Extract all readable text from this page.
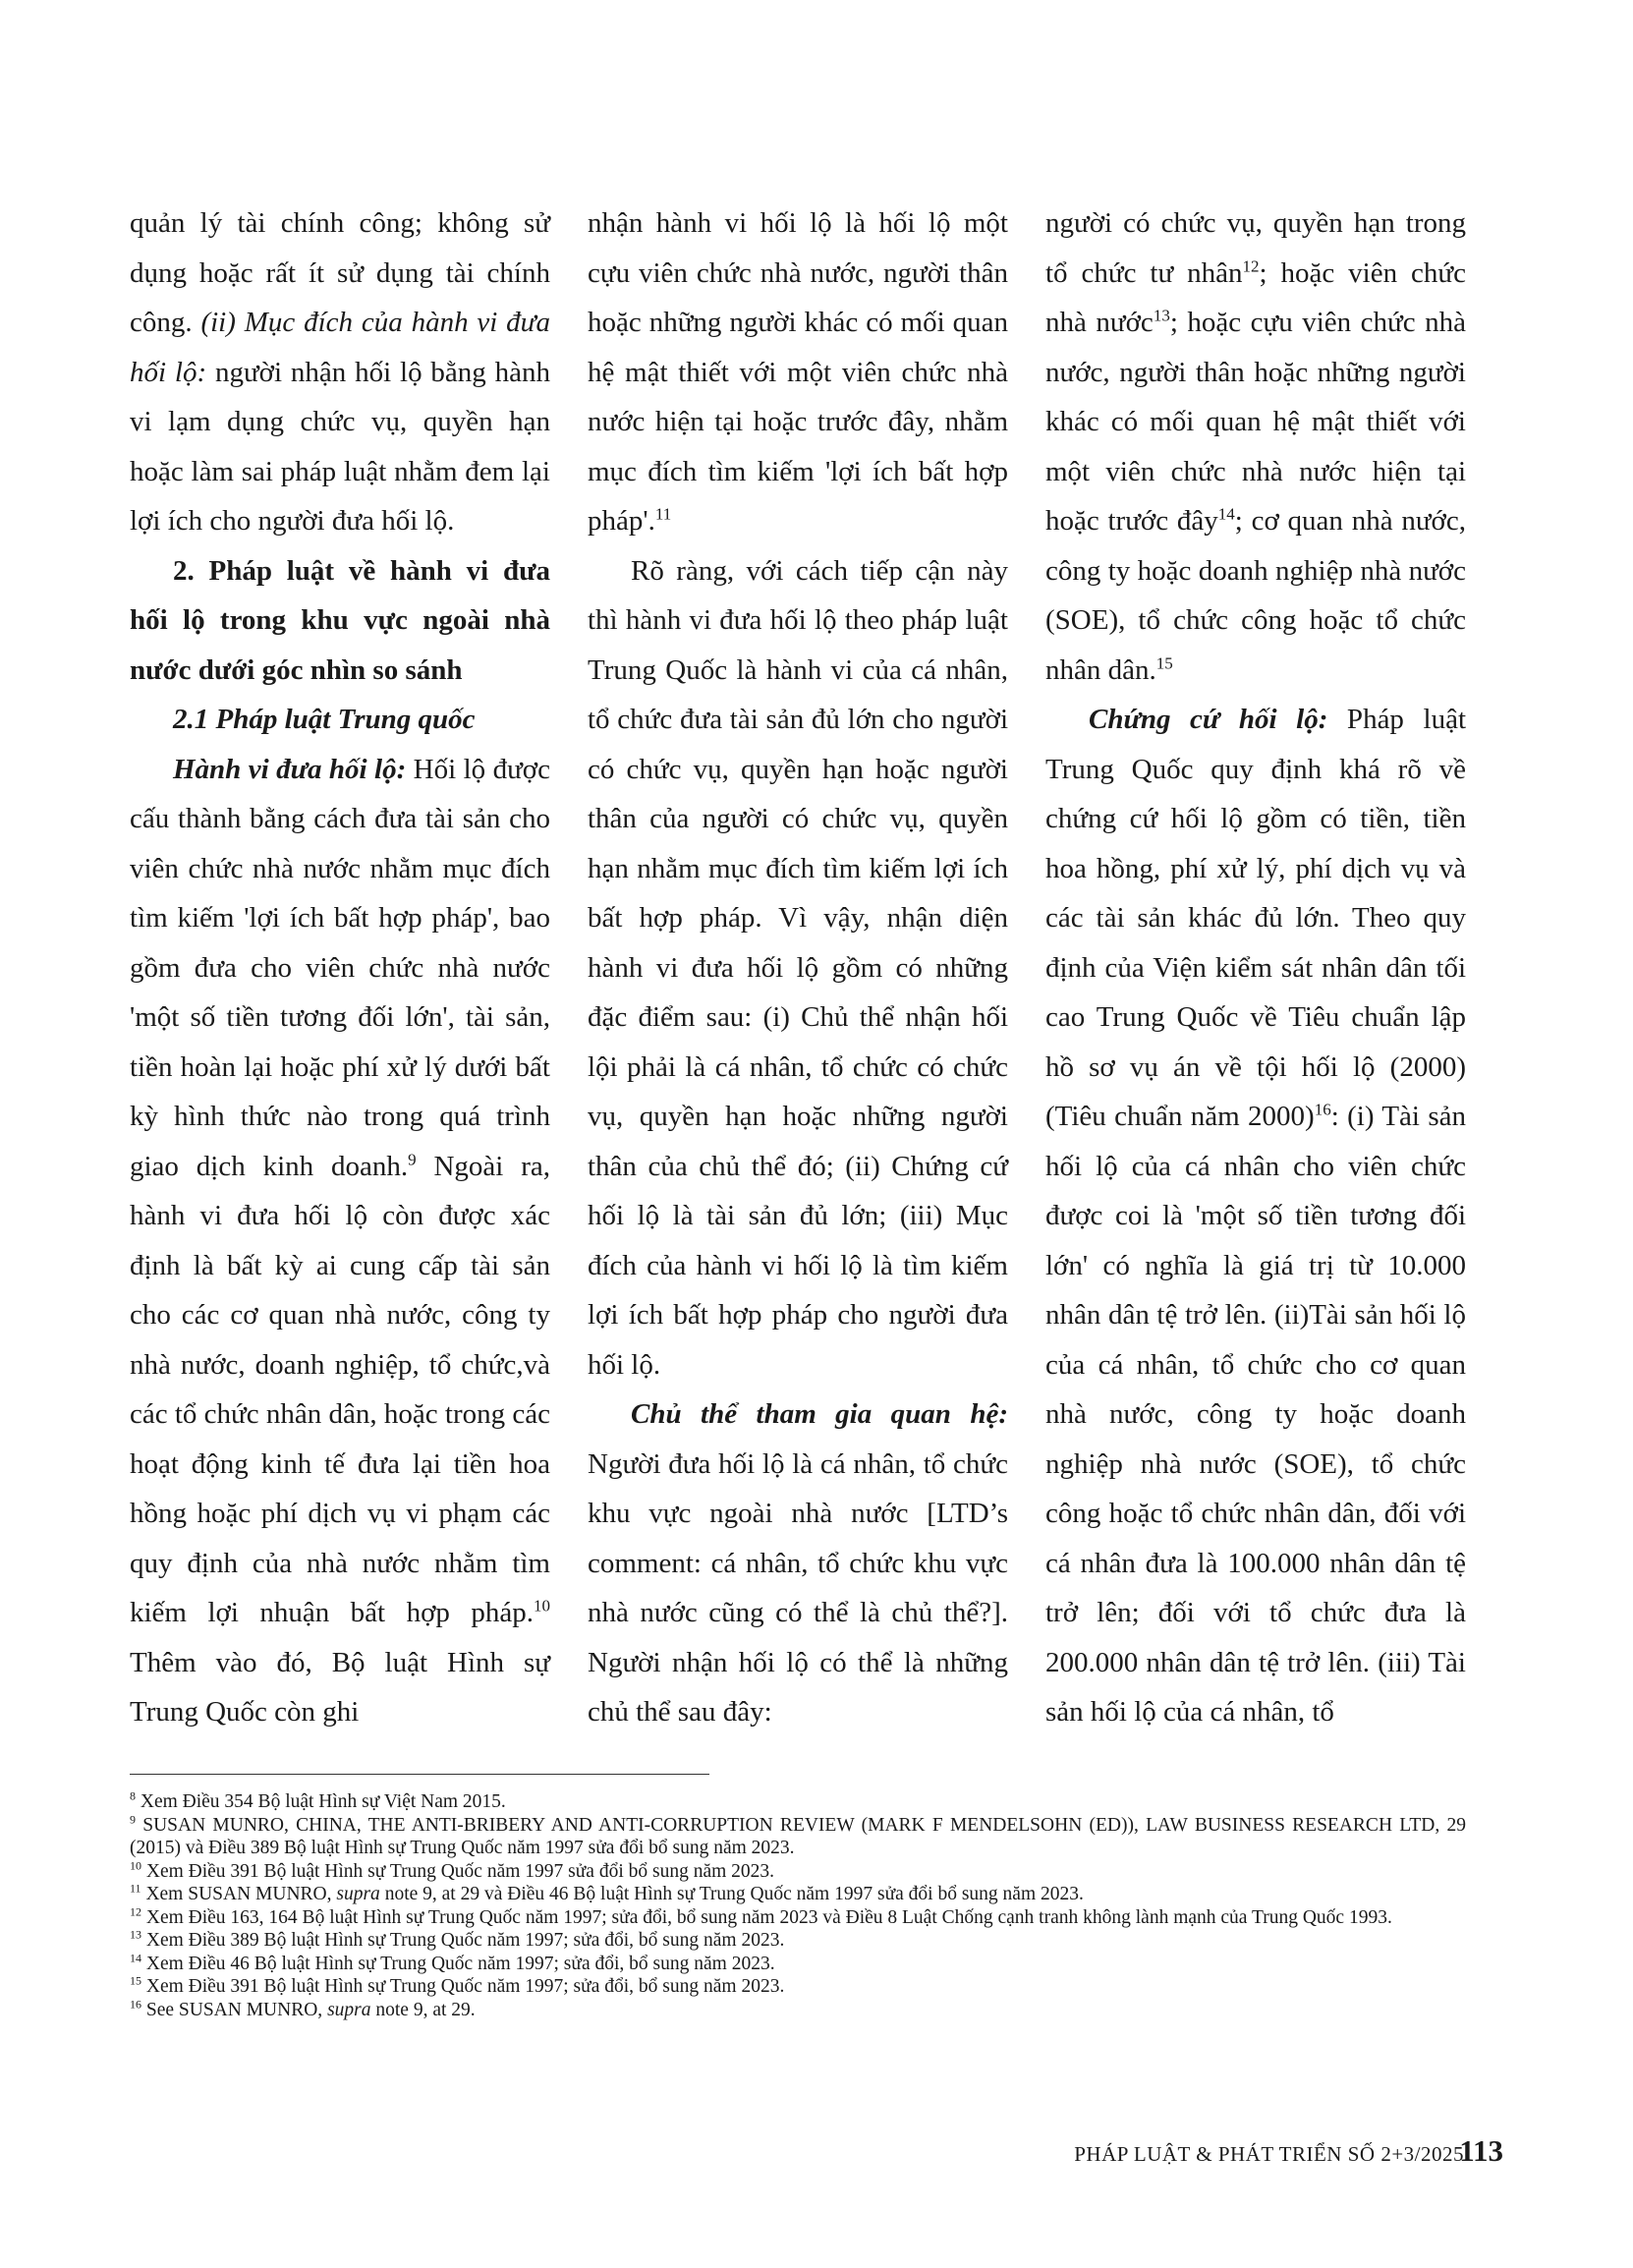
quản lý tài chính công; không sử dụng hoặc rất ít sử dụng tài chính công. (ii) Mục đích của hành vi đưa hối lộ: người nhận hối lộ bằng hành vi lạm dụng chức vụ, quyền hạn hoặc làm sai pháp luật nhằm đem lại lợi ích cho người đưa hối lộ.

2. Pháp luật về hành vi đưa hối lộ trong khu vực ngoài nhà nước dưới góc nhìn so sánh

2.1 Pháp luật Trung quốc

Hành vi đưa hối lộ: Hối lộ được cấu thành bằng cách đưa tài sản cho viên chức nhà nước nhằm mục đích tìm kiếm 'lợi ích bất hợp pháp', bao gồm đưa cho viên chức nhà nước 'một số tiền tương đối lớn', tài sản, tiền hoàn lại hoặc phí xử lý dưới bất kỳ hình thức nào trong quá trình giao dịch kinh doanh.$^9$ Ngoài ra, hành vi đưa hối lộ còn được xác định là bất kỳ ai cung cấp tài sản cho các cơ quan nhà nước, công ty nhà nước, doanh nghiệp, tổ chức,và các tổ chức nhân dân, hoặc trong các hoạt động kinh tế đưa lại tiền hoa hồng hoặc phí dịch vụ vi phạm các quy định của nhà nước nhằm tìm kiếm lợi nhuận bất hợp pháp.$^{10}$ Thêm vào đó, Bộ luật Hình sự Trung Quốc còn ghi

nhận hành vi hối lộ là hối lộ một cựu viên chức nhà nước, người thân hoặc những người khác có mối quan hệ mật thiết với một viên chức nhà nước hiện tại hoặc trước đây, nhằm mục đích tìm kiếm 'lợi ích bất hợp pháp'.$^{11}$

Rõ ràng, với cách tiếp cận này thì hành vi đưa hối lộ theo pháp luật Trung Quốc là hành vi của cá nhân, tổ chức đưa tài sản đủ lớn cho người có chức vụ, quyền hạn hoặc người thân của người có chức vụ, quyền hạn nhằm mục đích tìm kiếm lợi ích bất hợp pháp. Vì vậy, nhận diện hành vi đưa hối lộ gồm có những đặc điểm sau: (i) Chủ thể nhận hối lội phải là cá nhân, tổ chức có chức vụ, quyền hạn hoặc những người thân của chủ thể đó; (ii) Chứng cứ hối lộ là tài sản đủ lớn; (iii) Mục đích của hành vi hối lộ là tìm kiếm lợi ích bất hợp pháp cho người đưa hối lộ.

Chủ thể tham gia quan hệ: Người đưa hối lộ là cá nhân, tổ chức khu vực ngoài nhà nước [LTD’s comment: cá nhân, tổ chức khu vực nhà nước cũng có thể là chủ thể?]. Người nhận hối lộ có thể là những chủ thể sau đây:

người có chức vụ, quyền hạn trong tổ chức tư nhân$^{12}$; hoặc viên chức nhà nước$^{13}$; hoặc cựu viên chức nhà nước, người thân hoặc những người khác có mối quan hệ mật thiết với một viên chức nhà nước hiện tại hoặc trước đây$^{14}$; cơ quan nhà nước, công ty hoặc doanh nghiệp nhà nước (SOE), tổ chức công hoặc tổ chức nhân dân.$^{15}$

Chứng cứ hối lộ: Pháp luật Trung Quốc quy định khá rõ về chứng cứ hối lộ gồm có tiền, tiền hoa hồng, phí xử lý, phí dịch vụ và các tài sản khác đủ lớn. Theo quy định của Viện kiểm sát nhân dân tối cao Trung Quốc về Tiêu chuẩn lập hồ sơ vụ án về tội hối lộ (2000) (Tiêu chuẩn năm 2000)$^{16}$: (i) Tài sản hối lộ của cá nhân cho viên chức được coi là 'một số tiền tương đối lớn' có nghĩa là giá trị từ 10.000 nhân dân tệ trở lên. (ii)Tài sản hối lộ của cá nhân, tổ chức cho cơ quan nhà nước, công ty hoặc doanh nghiệp nhà nước (SOE), tổ chức công hoặc tổ chức nhân dân, đối với cá nhân đưa là 100.000 nhân dân tệ trở lên; đối với tổ chức đưa là 200.000 nhân dân tệ trở lên. (iii) Tài sản hối lộ của cá nhân, tổ

$^8$ Xem Điều 354 Bộ luật Hình sự Việt Nam 2015.

$^9$ SUSAN MUNRO, CHINA, THE ANTI-BRIBERY AND ANTI-CORRUPTION REVIEW (MARK F MENDELSOHN (ED)), LAW BUSINESS RESEARCH LTD, 29 (2015) và Điều 389 Bộ luật Hình sự Trung Quốc năm 1997 sửa đổi bổ sung năm 2023.

$^{10}$ Xem Điều 391 Bộ luật Hình sự Trung Quốc năm 1997 sửa đổi bổ sung năm 2023.

$^{11}$ Xem SUSAN MUNRO, supra note 9, at 29 và Điều 46 Bộ luật Hình sự Trung Quốc năm 1997 sửa đổi bổ sung năm 2023.

$^{12}$ Xem Điều 163, 164 Bộ luật Hình sự Trung Quốc năm 1997; sửa đổi, bổ sung năm 2023 và Điều 8 Luật Chống cạnh tranh không lành mạnh của Trung Quốc 1993.

$^{13}$ Xem Điều 389 Bộ luật Hình sự Trung Quốc năm 1997; sửa đổi, bổ sung năm 2023.

$^{14}$ Xem Điều 46 Bộ luật Hình sự Trung Quốc năm 1997; sửa đổi, bổ sung năm 2023.

$^{15}$ Xem Điều 391 Bộ luật Hình sự Trung Quốc năm 1997; sửa đổi, bổ sung năm 2023.

$^{16}$ See SUSAN MUNRO, supra note 9, at 29.

PHÁP LUẬT & PHÁT TRIỂN SỐ 2+3/2025
113
